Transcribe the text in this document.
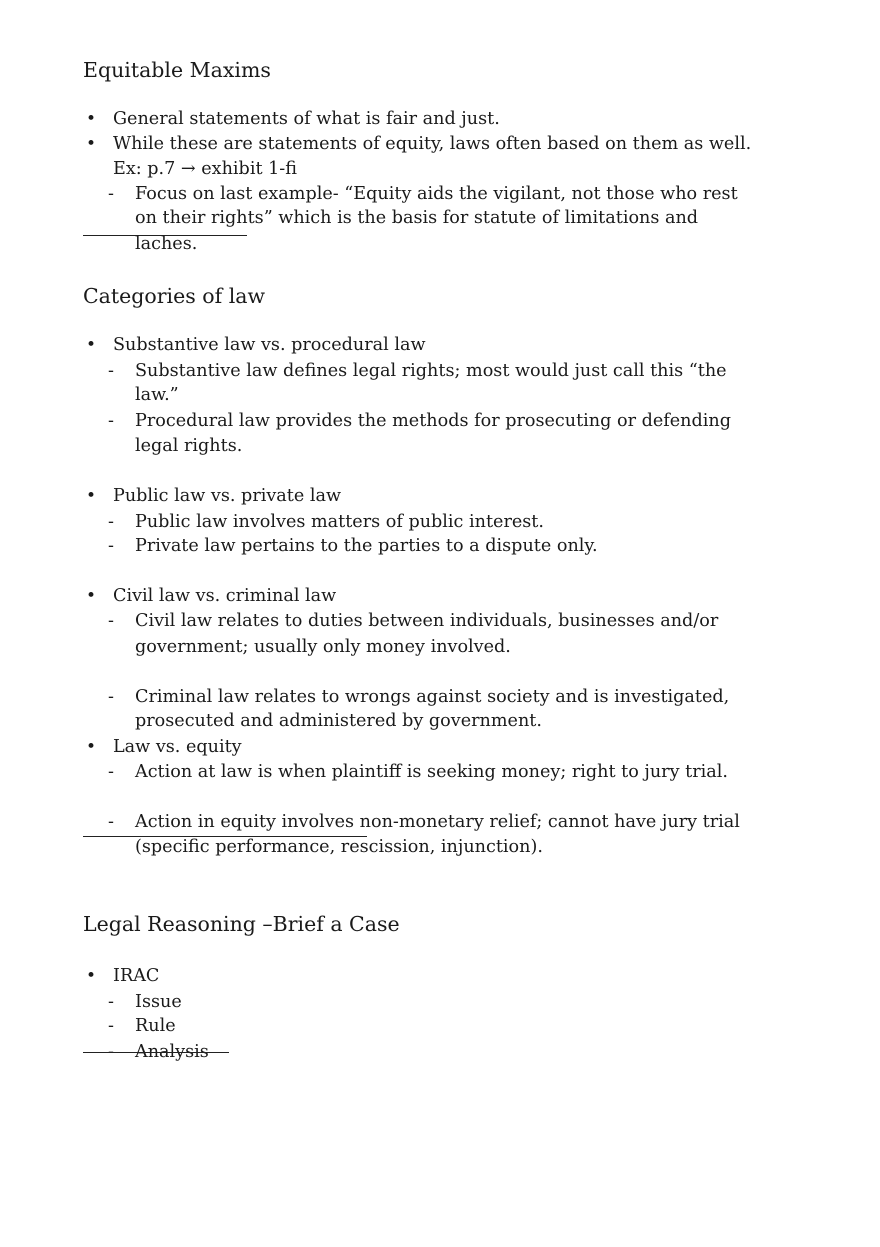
Equitable Maxims
• General statements of what is fair and just.
• While these are statements of equity, laws often based on them as well.
Ex: p.7 → exhibit 1-fi
- Focus on last example- “Equity aids the vigilant, not those who rest
on their rights” which is the basis for statute of limitations and
laches.
Categories of law
• Substantive law vs. procedural law
- Substantive law defines legal rights; most would just call this “the
law.”
- Procedural law provides the methods for prosecuting or defending
legal rights.
• Public law vs. private law
- Public law involves matters of public interest.
- Private law pertains to the parties to a dispute only.
• Civil law vs. criminal law
- Civil law relates to duties between individuals, businesses and/or
government; usually only money involved.
- Criminal law relates to wrongs against society and is investigated,
prosecuted and administered by government.
• Law vs. equity
- Action at law is when plaintiff is seeking money; right to jury trial.
- Action in equity involves non-monetary relief; cannot have jury trial
(specific performance, rescission, injunction).
Legal Reasoning –Brief a Case
• IRAC
- Issue
- Rule
- Analysis
